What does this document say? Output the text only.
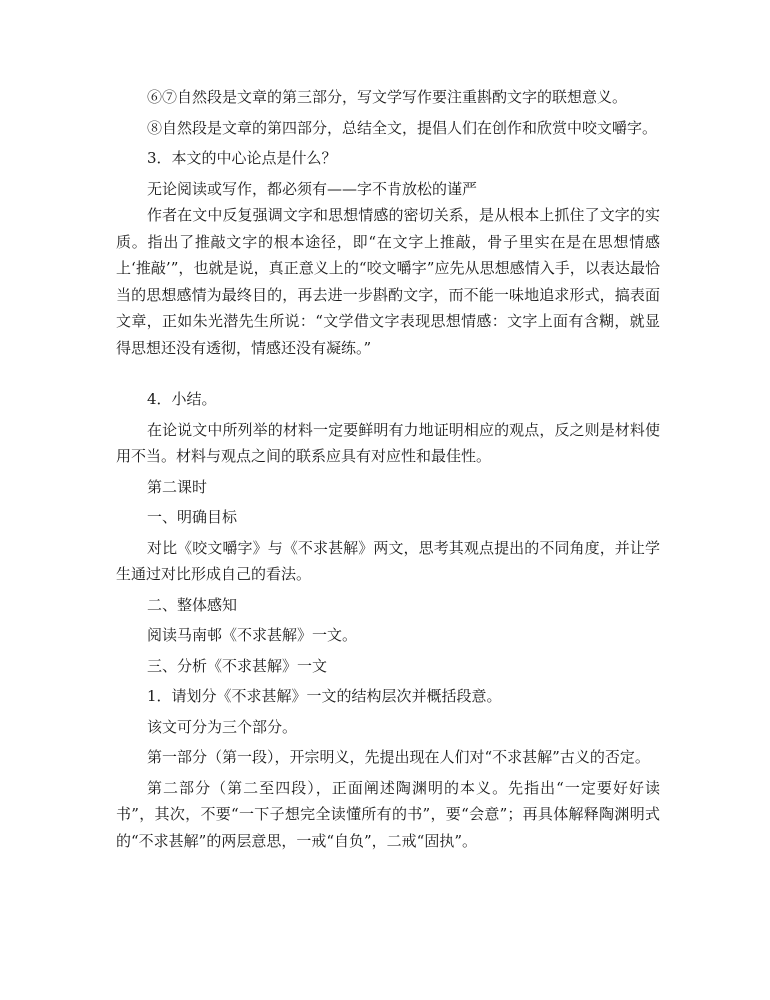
⑥⑦自然段是文章的第三部分，写文学写作要注重斟酌文字的联想意义。

⑧自然段是文章的第四部分，总结全文，提倡人们在创作和欣赏中咬文嚼字。

3．本文的中心论点是什么？

无论阅读或写作，都必须有——字不肯放松的谨严

作者在文中反复强调文字和思想情感的密切关系，是从根本上抓住了文字的实质。指出了推敲文字的根本途径，即“在文字上推敲，骨子里实在是在思想情感上‘推敲’”，也就是说，真正意义上的“咬文嚼字”应先从思想感情入手，以表达最恰当的思想感情为最终目的，再去进一步斟酌文字，而不能一味地追求形式，搞表面文章，正如朱光潜先生所说：“文学借文字表现思想情感：文字上面有含糊，就显得思想还没有透彻，情感还没有凝练。”

4．小结。

在论说文中所列举的材料一定要鲜明有力地证明相应的观点，反之则是材料使用不当。材料与观点之间的联系应具有对应性和最佳性。

第二课时

一、明确目标

对比《咬文嚼字》与《不求甚解》两文，思考其观点提出的不同角度，并让学生通过对比形成自己的看法。

二、整体感知

阅读马南邨《不求甚解》一文。

三、分析《不求甚解》一文

1．请划分《不求甚解》一文的结构层次并概括段意。

该文可分为三个部分。

第一部分（第一段），开宗明义，先提出现在人们对“不求甚解”古义的否定。

第二部分（第二至四段），正面阐述陶渊明的本义。先指出“一定要好好读书”，其次，不要“一下子想完全读懂所有的书”，要“会意”；再具体解释陶渊明式的“不求甚解”的两层意思，一戒“自负”，二戒“固执”。
